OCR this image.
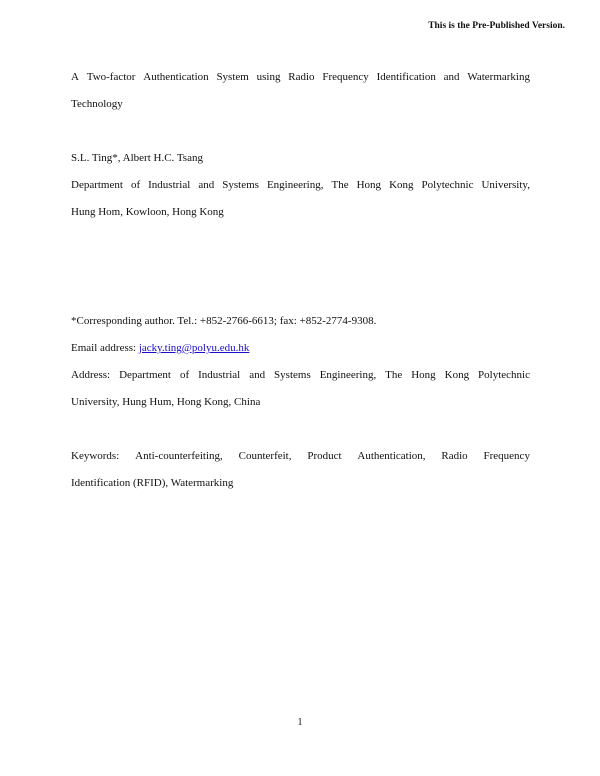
This is the Pre-Published Version.
A Two-factor Authentication System using Radio Frequency Identification and Watermarking
Technology
S.L. Ting*, Albert H.C. Tsang
Department of Industrial and Systems Engineering, The Hong Kong Polytechnic University,
Hung Hom, Kowloon, Hong Kong
*Corresponding author. Tel.: +852-2766-6613; fax: +852-2774-9308.
Email address: jacky.ting@polyu.edu.hk
Address: Department of Industrial and Systems Engineering, The Hong Kong Polytechnic
University, Hung Hum, Hong Kong, China
Keywords: Anti-counterfeiting, Counterfeit, Product Authentication, Radio Frequency
Identification (RFID), Watermarking
1
